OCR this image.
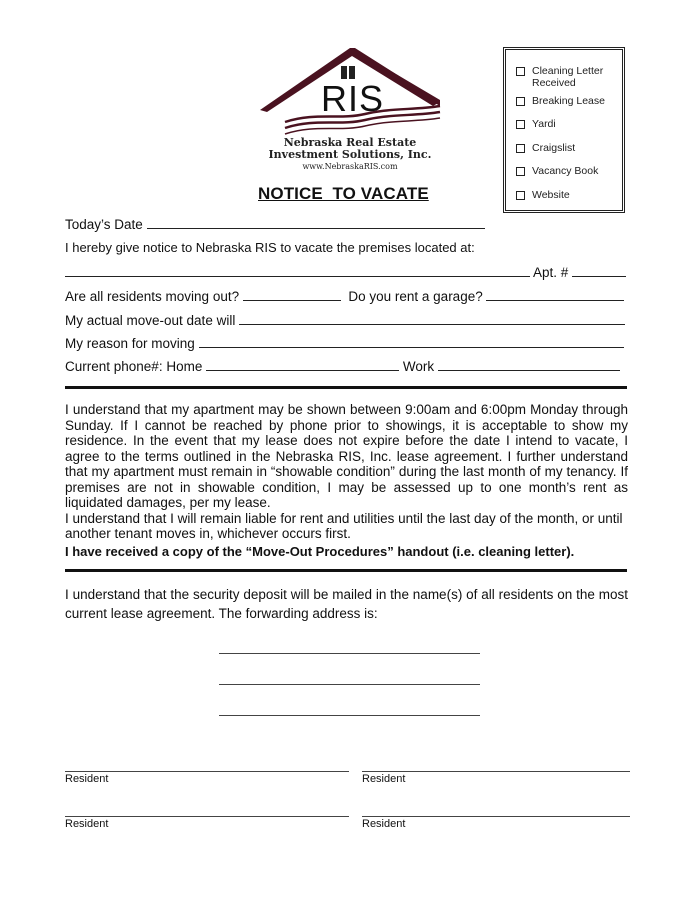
RIS
Nebraska Real Estate
Investment Solutions, Inc.
www.NebraskaRIS.com
Cleaning Letter
Received
Breaking Lease
Yardi
Craigslist
Vacancy Book
Website
NOTICE  TO VACATE
Today’s Date
I hereby give notice to Nebraska RIS to vacate the premises located at:
Apt. #
Are all residents moving out?	Do you rent a garage?
My actual move-out date will
My reason for moving
Current phone#: Home	Work

I understand that my apartment may be shown between 9:00am and 6:00pm Monday through Sunday. If I cannot be reached by phone prior to showings, it is acceptable to show my residence. In the event that my lease does not expire before the date I intend to vacate, I agree to the terms outlined in the Nebraska RIS, Inc. lease agreement. I further understand that my apartment must remain in “showable condition” during the last month of my tenancy. If premises are not in showable condition, I may be assessed up to one month’s rent as liquidated damages, per my lease.

I understand that I will remain liable for rent and utilities until the last day of the month, or until another tenant moves in, whichever occurs first.

I have received a copy of the “Move-Out Procedures” handout (i.e. cleaning letter).

I understand that the security deposit will be mailed in the name(s) of all residents on the most current lease agreement. The forwarding address is:
Resident	Resident
Resident	Resident
